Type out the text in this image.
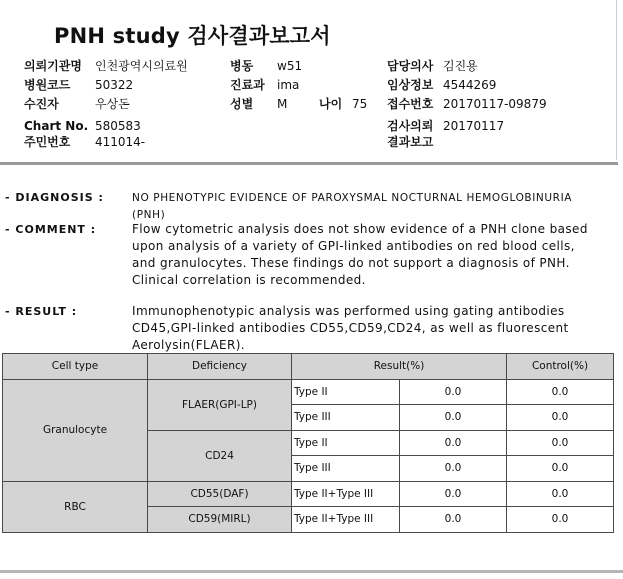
PNH study 검사결과보고서
의뢰기관명 인천광역시의료원	병동 w51	담당의사 김진용
병원코드 50322	진료과 ima	임상정보 4544269
수진자	우상돈	성별 M	나이 75 접수번호 20170117-09879
Chart No. 580583	검사의뢰 20170117
주민번호 411014-	결과보고
- DIAGNOSIS :	NO PHENOTYPIC EVIDENCE OF PAROXYSMAL NOCTURNAL HEMOGLOBINURIA (PNH)
- COMMENT :	Flow cytometric analysis does not show evidence of a PNH clone based upon analysis of a variety of GPI-linked antibodies on red blood cells, and granulocytes. These findings do not support a diagnosis of PNH. Clinical correlation is recommended.
- RESULT :	Immunophenotypic analysis was performed using gating antibodies CD45,GPI-linked antibodies CD55,CD59,CD24, as well as fluorescent Aerolysin(FLAER).
Cell type	Deficiency	Result(%)		Control(%)
Granulocyte	FLAER(GPI-LP)	Type II	0.0	0.0
		Type III	0.0	0.0
	CD24	Type II	0.0	0.0
		Type III	0.0	0.0
RBC	CD55(DAF)	Type II+Type III	0.0	0.0
	CD59(MIRL)	Type II+Type III	0.0	0.0
